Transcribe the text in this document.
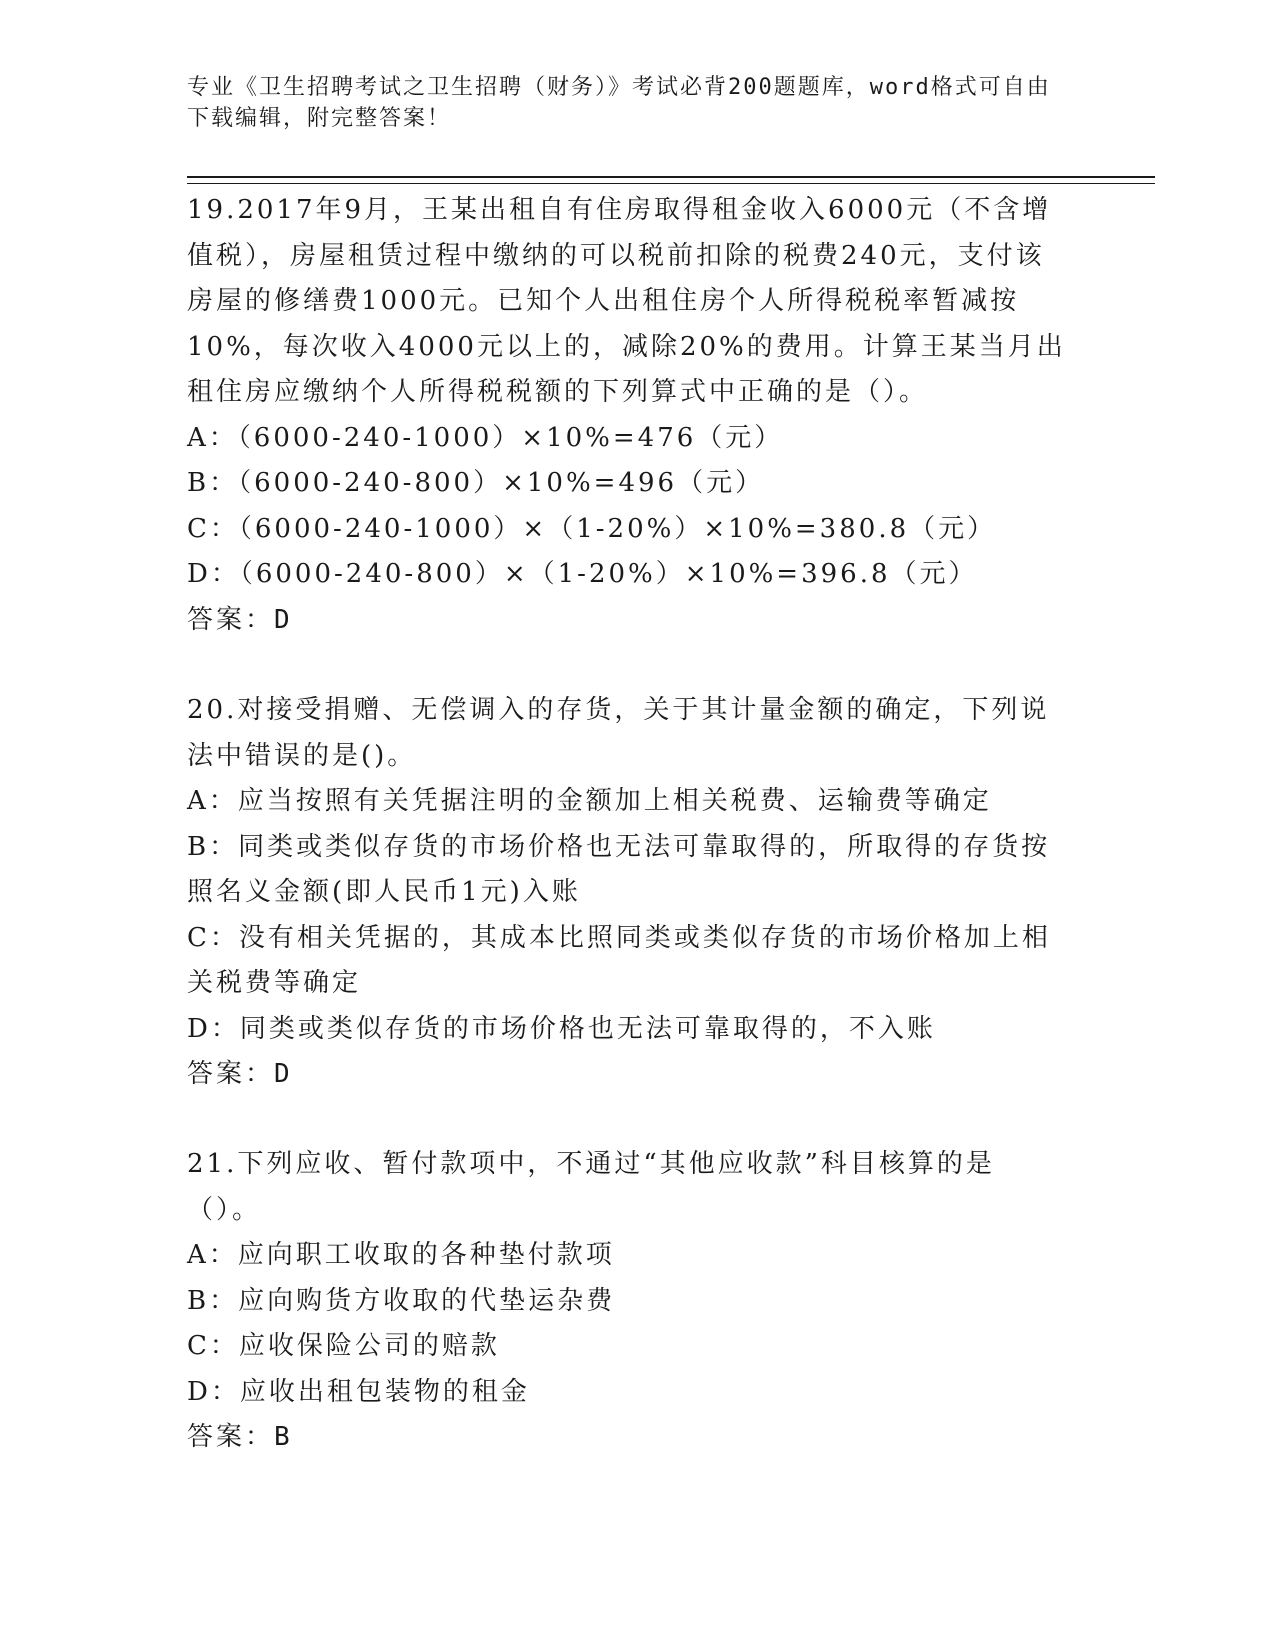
专业《卫生招聘考试之卫生招聘（财务）》考试必背200题题库，word格式可自由下载编辑，附完整答案！

19.2017年9月，王某出租自有住房取得租金收入6000元（不含增值税），房屋租赁过程中缴纳的可以税前扣除的税费240元，支付该房屋的修缮费1000元。已知个人出租住房个人所得税税率暂减按10%，每次收入4000元以上的，减除20%的费用。计算王某当月出租住房应缴纳个人所得税税额的下列算式中正确的是（）。

A：（6000-240-1000）×10%=476（元）

B：（6000-240-800）×10%=496（元）

C：（6000-240-1000）×（1-20%）×10%=380.8（元）

D：（6000-240-800）×（1-20%）×10%=396.8（元）

答案：D

20.对接受捐赠、无偿调入的存货，关于其计量金额的确定，下列说法中错误的是()。

A：应当按照有关凭据注明的金额加上相关税费、运输费等确定

B：同类或类似存货的市场价格也无法可靠取得的，所取得的存货按照名义金额(即人民币1元)入账

C：没有相关凭据的，其成本比照同类或类似存货的市场价格加上相关税费等确定

D：同类或类似存货的市场价格也无法可靠取得的，不入账

答案：D

21.下列应收、暂付款项中，不通过“其他应收款”科目核算的是（）。

A：应向职工收取的各种垫付款项

B：应向购货方收取的代垫运杂费

C：应收保险公司的赔款

D：应收出租包装物的租金

答案：B
